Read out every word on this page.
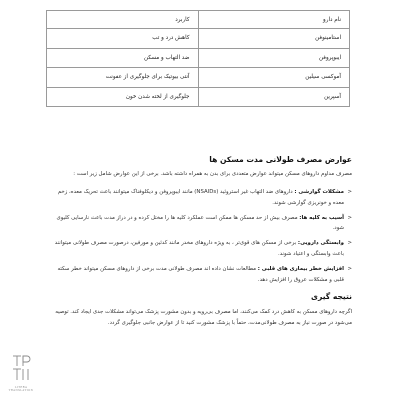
نام دارو	کاربرد
استامینوفن	کاهش درد و تب
ایبوپروفن	ضد التهاب و مسکن
آموکسی سیلین	آنتی بیوتیک برای جلوگیری از عفونت
آسپرین	جلوگیری از لخته شدن خون
عوارض مصرف طولانی مدت مسکن ها

مصرف مداوم داروهای مسکن میتواند عوارض متعددی برای بدن به همراه داشته باشد. برخی از این عوارض شامل زیر است :

<
مشکلات گوارشی : داروهای ضد التهاب غیر استروئید (NSAIDs) مانند ایبوپروفن و دیکلوفناک میتوانند باعث تحریک معده، زخم معده و خونریزی گوارشی شوند.
<
آسیب به کلیه ها: مصرف بیش از حد مسکن ها ممکن است عملکرد کلیه ها را مختل کرده و در دراز مدت باعث نارسایی کلیوی شود.
<
وابستگی دارویی: برخی از مسکن های قوی‌تر ، به ویژه داروهای مخدر مانند کدئین و مورفین، درصورت مصرف طولانی میتوانند باعث وابستگی و اعتیاد شوند.
<
افزایش خطر بیماری های قلبی : مطالعات نشان داده اند مصرف طولانی مدت برخی از داروهای مسکن میتواند خطر سکته قلبی و مشکلات عروق را افزایش دهد.
نتیجه گیری

اگرچه داروهای مسکن به کاهش درد کمک می‌کنند، اما مصرف بی‌رویه و بدون مشورت پزشک می‌تواند مشکلات جدی ایجاد کند. توصیه می‌شود در صورت نیاز به مصرف طولانی‌مدت، حتماً با پزشک مشورت کنید تا از عوارض جانبی جلوگیری گردد.

LITERA TRANSLATION
